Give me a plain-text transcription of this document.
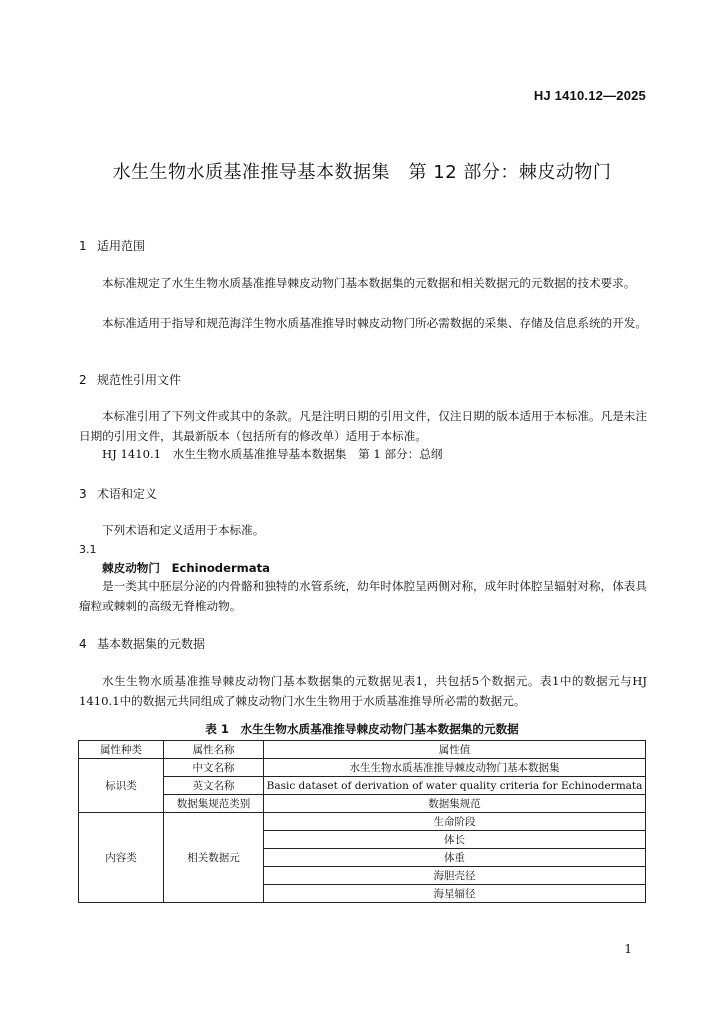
HJ 1410.12—2025
水生生物水质基准推导基本数据集　第 12 部分：棘皮动物门
1 适用范围
本标准规定了水生生物水质基准推导棘皮动物门基本数据集的元数据和相关数据元的元数据的技术要求。
本标准适用于指导和规范海洋生物水质基准推导时棘皮动物门所必需数据的采集、存储及信息系统的开发。
2 规范性引用文件
本标准引用了下列文件或其中的条款。凡是注明日期的引用文件，仅注日期的版本适用于本标准。凡是未注日期的引用文件，其最新版本（包括所有的修改单）适用于本标准。
HJ 1410.1　水生生物水质基准推导基本数据集　第 1 部分：总纲
3 术语和定义
下列术语和定义适用于本标准。
3.1
棘皮动物门　Echinodermata
是一类其中胚层分泌的内骨骼和独特的水管系统，幼年时体腔呈两侧对称，成年时体腔呈辐射对称，体表具瘤粒或棘刺的高级无脊椎动物。
4 基本数据集的元数据
水生生物水质基准推导棘皮动物门基本数据集的元数据见表1，共包括5个数据元。表1中的数据元与HJ 1410.1中的数据元共同组成了棘皮动物门水生生物用于水质基准推导所必需的数据元。
表 1　水生生物水质基准推导棘皮动物门基本数据集的元数据
属性种类	属性名称	属性值
标识类	中文名称	水生生物水质基准推导棘皮动物门基本数据集
	英文名称	Basic dataset of derivation of water quality criteria for Echinodermata
	数据集规范类别	数据集规范
内容类	相关数据元	生命阶段
		体长
		体重
		海胆壳径
		海星辐径
1
